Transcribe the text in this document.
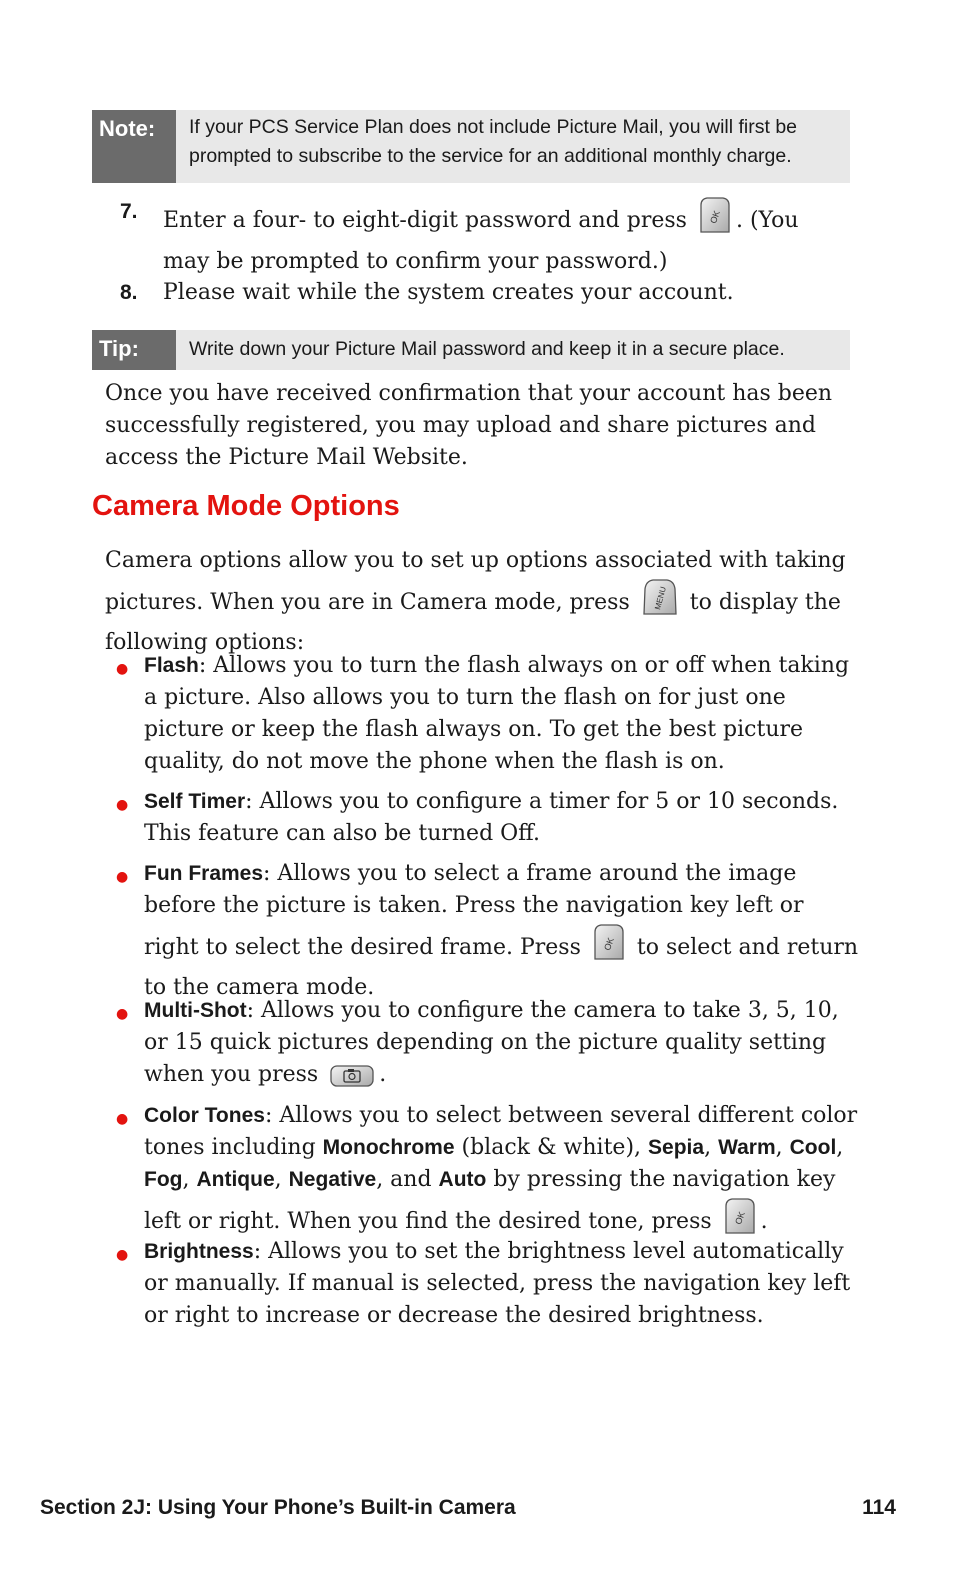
Note:	If your PCS Service Plan does not include Picture Mail, you will first be prompted to subscribe to the service for an additional monthly charge.
7.	Enter a four- to eight-digit password and press OK . (You may be prompted to confirm your password.)
8.	Please wait while the system creates your account.
Tip:	Write down your Picture Mail password and keep it in a secure place.
Once you have received confirmation that your account has been successfully registered, you may upload and share pictures and access the Picture Mail Website.
Camera Mode Options
Camera options allow you to set up options associated with taking pictures. When you are in Camera mode, press	MENU to display the following options:
● Flash: Allows you to turn the flash always on or off when taking a picture. Also allows you to turn the flash on for just one picture or keep the flash always on. To get the best picture quality, do not move the phone when the flash is on.
● Self Timer: Allows you to configure a timer for 5 or 10 seconds. This feature can also be turned Off.
● Fun Frames: Allows you to select a frame around the image before the picture is taken. Press the navigation key left or right to select the desired frame. Press OK to select and return to the camera mode.
● Multi-Shot: Allows you to configure the camera to take 3, 5, 10, or 15 quick pictures depending on the picture quality setting when you press	.
● Color Tones: Allows you to select between several different color tones including Monochrome (black & white), Sepia, Warm, Cool, Fog, Antique, Negative, and Auto by pressing the navigation key left or right. When you find the desired tone, press OK .
● Brightness: Allows you to set the brightness level automatically or manually. If manual is selected, press the navigation key left or right to increase or decrease the desired brightness.
Section 2J: Using Your Phone’s Built-in Camera	114
